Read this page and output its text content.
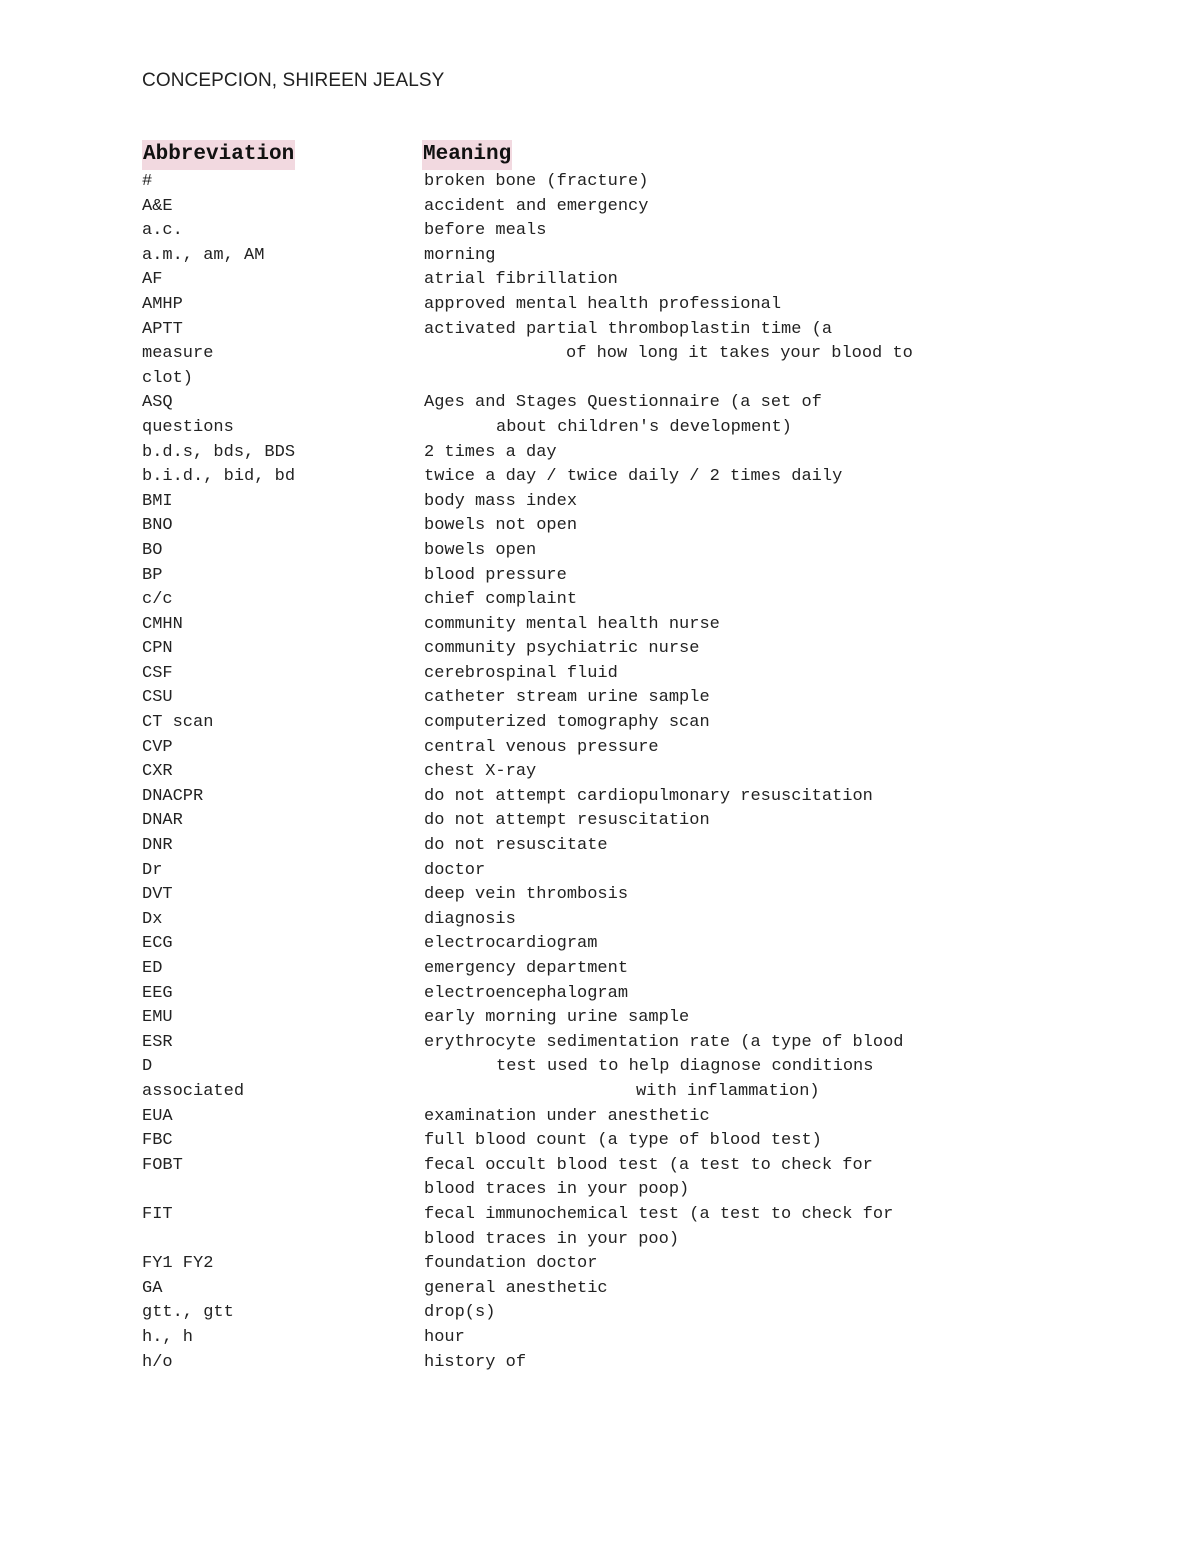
CONCEPCION, SHIREEN JEALSY
Abbreviation	Meaning
#	broken bone (fracture)
A&E	accident and emergency
a.c.	before meals
a.m., am, AM	morning
AF	atrial fibrillation
AMHP	approved mental health professional
APTT	activated partial thromboplastin time (a
measure	of how long it takes your blood to
clot)
ASQ	Ages and Stages Questionnaire (a set of
questions	about children's development)
b.d.s, bds, BDS	2 times a day
b.i.d., bid, bd	twice a day / twice daily / 2 times daily
BMI	body mass index
BNO	bowels not open
BO	bowels open
BP	blood pressure
c/c	chief complaint
CMHN	community mental health nurse
CPN	community psychiatric nurse
CSF	cerebrospinal fluid
CSU	catheter stream urine sample
CT scan	computerized tomography scan
CVP	central venous pressure
CXR	chest X-ray
DNACPR	do not attempt cardiopulmonary resuscitation
DNAR	do not attempt resuscitation
DNR	do not resuscitate
Dr	doctor
DVT	deep vein thrombosis
Dx	diagnosis
ECG	electrocardiogram
ED	emergency department
EEG	electroencephalogram
EMU	early morning urine sample
ESR	erythrocyte sedimentation rate (a type of blood
D	test used to help diagnose conditions
associated	with inflammation)
EUA	examination under anesthetic
FBC	full blood count (a type of blood test)
FOBT	fecal occult blood test (a test to check for
blood traces in your poop)
FIT	fecal immunochemical test (a test to check for
blood traces in your poo)
FY1 FY2	foundation doctor
GA	general anesthetic
gtt., gtt	drop(s)
h., h	hour
h/o	history of
